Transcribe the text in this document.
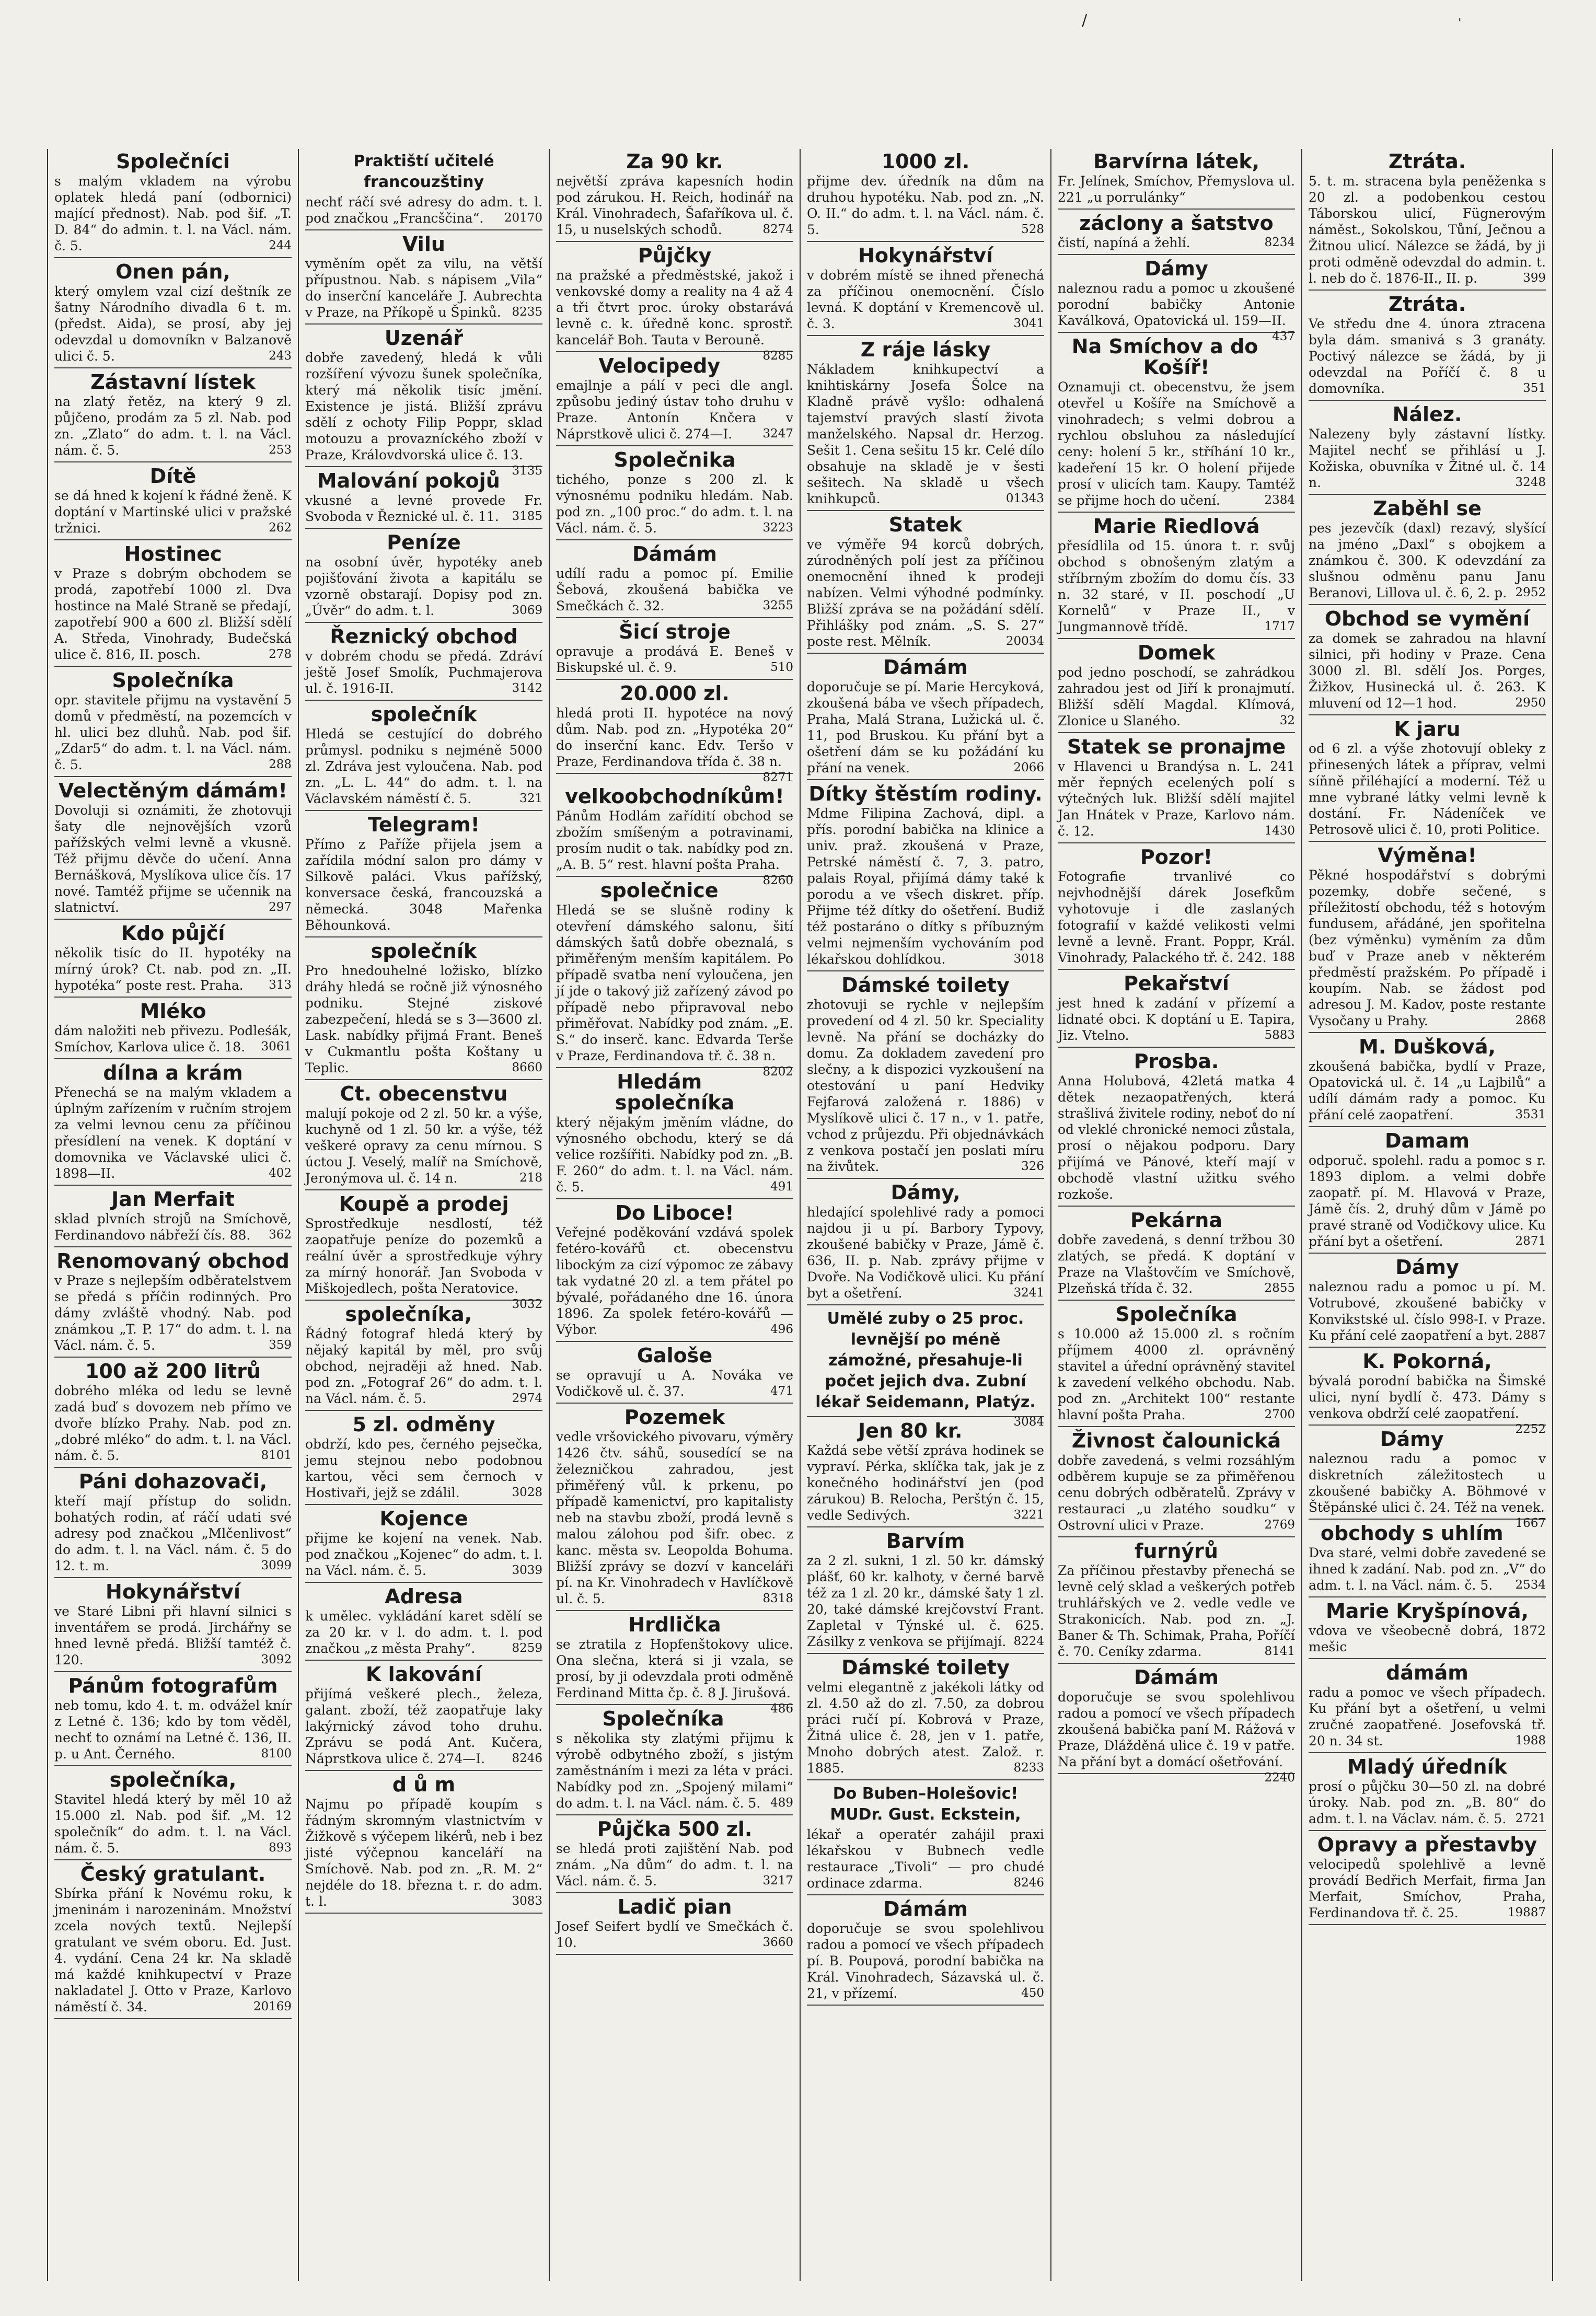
/	'
Společníci

s malým vkladem na výrobu oplatek hledá paní (odbornici) mající přednost). Nab. pod šif. „T. D. 84“ do admin. t. l. na Václ. nám. č. 5.	244

Onen pán,

který omylem vzal cizí deštník ze šatny Národního divadla 6 t. m. (předst. Aida), se prosí, aby jej odevzdal u domovníkn v Balzanově ulici č. 5.	243

Zástavní lístek

na zlatý řetěz, na který 9 zl. půjčeno, prodám za 5 zl. Nab. pod zn. „Zlato“ do adm. t. l. na Václ. nám. č. 5.	253

Dítě

se dá hned k kojení k řádné ženě. K doptání v Martinské ulici v pražské tržnici.	262

Hostinec

v Praze s dobrým obchodem se prodá, zapotřebí 1000 zl. Dva hostince na Malé Straně se předají, zapotřebí 900 a 600 zl. Bližší sdělí A. Středa, Vinohrady, Budečská ulice č. 816, II. posch.	278

Společníka

opr. stavitele přijmu na vystavění 5 domů v předměstí, na pozemcích v hl. ulici bez dluhů. Nab. pod šif. „Zdar5“ do adm. t. l. na Václ. nám. č. 5.	288

Velectěným dámám!

Dovoluji si oznámiti, že zhotovuji šaty dle nejnovějších vzorů pařížských velmi levně a vkusně. Též přijmu děvče do učení. Anna Bernášková, Myslíkova ulice čís. 17 nové. Tamtéž přijme se učennik na slatnictví.	297

Kdo půjčí

několik tisíc do II. hypotéky na mírný úrok? Ct. nab. pod zn. „II. hypotéka“ poste rest. Praha. 313

Mléko

dám naložiti neb přivezu. Podleśák, Smíchov, Karlova ulice č. 18. 3061

dílna a krám

Přenechá se na malým vkladem a úplným zařízením v ručním strojem za velmi levnou cenu za příčinou přesídlení na venek. K doptání v domovnika ve Václavské ulici č. 1898—II.	402

Jan Merfait

sklad plvních strojů na Smíchově, Ferdinandovo nábřeží čís. 88. 362

Renomovaný obchod

v Praze s nejlepším odběratelstvem se předá s příčin rodinných. Pro dámy zvláště vhodný. Nab. pod známkou „T. P. 17“ do adm. t. l. na Václ. nám. č. 5.	359

100 až 200 litrů

dobrého mléka od ledu se levně zadá buď s dovozem neb přímo ve dvoře blízko Prahy. Nab. pod zn. „dobré mléko“ do adm. t. l. na Václ. nám. č. 5.	8101

Páni dohazovači,

kteří mají přístup do solidn. bohatých rodin, ať ráčí udati své adresy pod značkou „Mlčenlivost“ do adm. t. l. na Václ. nám. č. 5 do 12. t. m.	3099

Hokynářství

ve Staré Libni při hlavní silnici s inventářem se prodá. Jirchářny se hned levně předá. Bližší tamtéž č. 120.	3092

Pánům fotografům

neb tomu, kdo 4. t. m. odvážel knír z Letné č. 136; kdo by tom věděl, nechť to oznámí na Letné č. 136, II. p. u Ant. Černého.	8100

společníka,

Stavitel hledá který by měl 10 až 15.000 zl. Nab. pod šif. „M. 12 společník“ do adm. t. l. na Václ. nám. č. 5.	893

Český gratulant.

Sbírka přání k Novému roku, k jmeninám i narozeninám. Množství zcela nových textů. Nejlepší gratulant ve svém oboru. Ed. Just. 4. vydání. Cena 24 kr. Na skladě má každé knihkupectví v Praze nakladatel J. Otto v Praze, Karlovo náměstí č. 34.	20169

Praktiští učitelé francouzštiny

nechť ráčí své adresy do adm. t. l. pod značkou „Francščina“. 20170

Vilu

vyměním opět za vilu, na větší přípustnou. Nab. s nápisem „Vila“ do inserční kanceláře J. Aubrechta v Praze, na Příkopě u Špinků. 8235

Uzenář

dobře zavedený, hledá k vůli rozšíření vývozu šunek společníka, který má několik tisíc jmění. Existence je jistá. Bližší zprávu sdělí z ochoty Filip Poppr, sklad motouzu a provazníckého zboží v Praze, Královdvorská ulice č. 13.
3135

Malování pokojů

vkusné a levné provede Fr. Svoboda v Řeznické ul. č. 11. 3185

Peníze

na osobní úvěr, hypotéky aneb pojišťování života a kapitálu se vzorně obstarají. Dopisy pod zn. „Úvěr“ do adm. t. l.	3069

Řeznický obchod

v dobrém chodu se předá. Zdráví ještě Josef Smolík, Puchmajerova ul. č. 1916-II.	3142

společník

Hledá se cestující do dobrého průmysl. podniku s nejméně 5000 zl. Zdráva jest vyloučena. Nab. pod zn. „L. L. 44“ do adm. t. l. na Václavském náměstí č. 5.	321

Telegram!

Přímo z Paříže přijela jsem a zařídila módní salon pro dámy v Silkově paláci. Vkus pařížský, konversace česká, francouzská a německá. 3048 Mařenka Běhounková.

společník

Pro hnedouhelné ložisko, blízko dráhy hledá se ročně již výnosného podniku. Stejné ziskové zabezpečení, hledá se s 3—3600 zl. Lask. nabídky přijmá Frant. Beneš v Cukmantlu pošta Koštany u Teplic.	8660

Ct. obecenstvu

malují pokoje od 2 zl. 50 kr. a výše, kuchyně od 1 zl. 50 kr. a výše, též veškeré opravy za cenu mírnou. S úctou J. Veselý, malíř na Smíchově, Jeronýmova ul. č. 14 n.	218

Koupě a prodej

Sprostředkuje nesdlostí, též zaopatřuje peníze do pozemků a reální úvěr a sprostředkuje výhry za mírný honorář. Jan Svoboda v Miškojedlech, pošta Neratovice.
3032

společníka,

Řádný fotograf hledá který by nějaký kapitál by měl, pro svůj obchod, nejraději až hned. Nab. pod zn. „Fotograf 26“ do adm. t. l. na Václ. nám. č. 5.	2974

5 zl. odměny

obdrží, kdo pes, černého pejsečka, jemu stejnou nebo podobnou kartou, věci sem černoch v Hostivaři, jejž se zdálil.	3028

Kojence

přijme ke kojení na venek. Nab. pod značkou „Kojenec“ do adm. t. l. na Václ. nám. č. 5.	3039

Adresa

k umělec. vykládání karet sdělí se za 20 kr. v l. do adm. t. l. pod značkou „z města Prahy“.	8259

K lakování

přijímá veškeré plech., železa, galant. zboží, též zaopatřuje laky lakýrnický závod toho druhu. Zprávu se podá Ant. Kučera, Náprstkova ulice č. 274—I. 8246

d ů m

Najmu po případě koupím s řádným skromným vlastnictvím v Žižkově s výčepem likérů, neb i bez jisté výčepnou kanceláří na Smíchově. Nab. pod zn. „R. M. 2“ nejdéle do 18. března t. r. do adm. t. l.	3083

Za 90 kr.

největší zpráva kapesních hodin pod zárukou. H. Reich, hodinář na Král. Vinohradech, Šafaříkova ul. č. 15, u nuselských schodů.	8274

Půjčky

na pražské a předměstské, jakož i venkovské domy a reality na 4 až 4 a tři čtvrt proc. úroky obstarává levně c. k. úředně konc. sprostř. kancelář Boh. Tauta v Berouně.
8285

Velocipedy

emajlnje a pálí v peci dle angl. způsobu jediný ústav toho druhu v Praze. Antonín Knčera v Náprstkově ulici č. 274—I.	3247

Společnika

tichého, ponze s 200 zl. k výnosnému podniku hledám. Nab. pod zn. „100 proc.“ do adm. t. l. na Václ. nám. č. 5.	3223

Dámám

udílí radu a pomoc pí. Emilie Šebová, zkoušená babička ve Smečkách č. 32.	3255

Šicí stroje

opravuje a prodává E. Beneš v Biskupské ul. č. 9.	510

20.000 zl.

hledá proti II. hypotéce na nový dům. Nab. pod zn. „Hypotéka 20“ do inserční kanc. Edv. Teršo v Praze, Ferdinandova třída č. 38 n.
8271

velkoobchodníkům!

Pánům Hodlám zařídití obchod se zbožím smíšeným a potravinami, prosím nudit o tak. nabídky pod zn. „A. B. 5“ rest. hlavní pošta Praha.
8260

společnice

Hledá se se slušně rodiny k otevření dámského salonu, šití dámských šatů dobře obeznalá, s přiměřeným menším kapitálem. Po případě svatba není vyloučena, jen jí jde o takový již zařízený závod po případě nebo připravoval nebo přiměřovat. Nabídky pod znám. „E. S.“ do inserč. kanc. Edvarda Terše v Praze, Ferdinandova tř. č. 38 n.
8202

Hledám společníka

který nějakým jměním vládne, do výnosného obchodu, který se dá velice rozšířiti. Nabídky pod zn. „B. F. 260“ do adm. t. l. na Václ. nám. č. 5.	491

Do Liboce!

Veřejné poděkování vzdává spolek fetéro-kovářů ct. obecenstvu libockým za cizí výpomoc ze zábavy tak vydatné 20 zl. a tem přátel po bývalé, pořádaného dne 16. února 1896. Za spolek fetéro-kovářů — Výbor.	496

Galoše

se opravují u A. Nováka ve Vodičkově ul. č. 37.	471

Pozemek

vedle vršovického pivovaru, výměry 1426 čtv. sáhů, sousedící se na železničkou zahradou, jest přiměřený vůl. k prkenu, po případě kamenictví, pro kapitalisty neb na stavbu zboží, prodá levně s malou zálohou pod šifr. obec. z kanc. města sv. Leopolda Bohuma. Bližší zprávy se dozví v kanceláři pí. na Kr. Vinohradech v Havlíčkově ul. č. 5.	8318

Hrdlička

se ztratila z Hopfenštokovy ulice. Ona slečna, která si ji vzala, se prosí, by ji odevzdala proti odměně Ferdinand Mitta čp. č. 8 J. Jirušová.
486

Společníka

s několika sty zlatými přijmu k výrobě odbytného zboží, s jistým zaměstnáním i mezi za léta v práci. Nabídky pod zn. „Spojený milami“ do adm. t. l. na Václ. nám. č. 5. 489

Půjčka 500 zl.

se hledá proti zajištění Nab. pod znám. „Na dům“ do adm. t. l. na Václ. nám. č. 5.	3217

Ladič pian

Josef Seifert bydlí ve Smečkách č. 10.	3660

1000 zl.

přijme dev. úředník na dům na druhou hypotéku. Nab. pod zn. „N. O. II.“ do adm. t. l. na Václ. nám. č. 5.	528

Hokynářství

v dobrém místě se ihned přenechá za příčinou onemocnění. Číslo levná. K doptání v Kremencově ul. č. 3.	3041

Z ráje lásky

Nákladem knihkupectví a knihtiskárny Josefa Šolce na Kladně právě vyšlo: odhalená tajemství pravých slastí života manželského. Napsal dr. Herzog. Sešit 1. Cena sešitu 15 kr. Celé dílo obsahuje na skladě je v šesti sešitech. Na skladě u všech knihkupců.	01343

Statek

ve výměře 94 korců dobrých, zúrodněných polí jest za příčinou onemocnění ihned k prodeji nabízen. Velmi výhodné podmínky. Bližší zpráva se na požádání sdělí. Přihlášky pod znám. „S. S. 27“ poste rest. Mělník.	20034

Dámám

doporučuje se pí. Marie Hercyková, zkoušená bába ve všech případech, Praha, Malá Strana, Lužická ul. č. 11, pod Bruskou. Ku přání byt a ošetření dám se ku požádání ku přání na venek.	2066

Dítky štěstím rodiny.

Mdme Filipina Zachová, dipl. a přís. porodní babička na klinice a univ. praž. zkoušená v Praze, Petrské náměstí č. 7, 3. patro, palais Royal, přijímá dámy také k porodu a ve všech diskret. příp. Přijme též dítky do ošetření. Budiž též postaráno o dítky s příbuzným velmi nejmenším vychováním pod lékařskou dohlídkou.	3018

Dámské toilety

zhotovuji se rychle v nejlepším provedení od 4 zl. 50 kr. Speciality levně. Na přání se docházky do domu. Za dokladem zavedení pro slečny, a k dispozici vyzkoušení na otestování u paní Hedviky Fejfarová založená r. 1886) v Myslíkově ulici č. 17 n., v 1. patře, vchod z průjezdu. Při objednávkách z venkova postačí jen poslati míru na živůtek.	326

Dámy,

hledající spolehlivé rady a pomoci najdou ji u pí. Barbory Typovy, zkoušené babičky v Praze, Jámě č. 636, II. p. Nab. zprávy přijme v Dvoře. Na Vodičkově ulici. Ku přání byt a ošetření.	3241

Umělé zuby o 25 proc. levnější po méně zámožné, přesahuje-li počet jejich dva. Zubní lékař Seidemann, Platýz.

3084

Jen 80 kr.

Každá sebe větší zpráva hodinek se vypraví. Pérka, sklíčka tak, jak je z konečného hodinářství jen (pod zárukou) B. Relocha, Perštýn č. 15, vedle Sedivých.	3221

Barvím

za 2 zl. sukni, 1 zl. 50 kr. dámský plášť, 60 kr. kalhoty, v černé barvě též za 1 zl. 20 kr., dámské šaty 1 zl. 20, také dámské krejčovství Frant. Zapletal v Týnské ul. č. 625. Zásilky z venkova se přijímají. 8224

Dámské toilety

velmi elegantně z jakékoli látky od zl. 4.50 až do zl. 7.50, za dobrou práci ručí pí. Kobrová v Praze, Žitná ulice č. 28, jen v 1. patře, Mnoho dobrých atest. Založ. r. 1885.	8233

Do Buben–Holešovic! MUDr. Gust. Eckstein,

lékař a operatér zahájil praxi lékařskou v Bubnech vedle restaurace „Tivoli“ — pro chudé ordinace zdarma.	8246

Dámám

doporučuje se svou spolehlivou radou a pomocí ve všech případech pí. B. Poupová, porodní babička na Král. Vinohradech, Sázavská ul. č. 21, v přízemí.	450

Barvírna látek,

Fr. Jelínek, Smíchov, Přemyslova ul. 221 „u porrulánky“

záclony a šatstvo

čistí, napíná a žehlí.	8234

Dámy

naleznou radu a pomoc u zkoušené porodní babičky Antonie Kaválková, Opatovická ul. 159—II.
437

Na Smíchov a do Košíř!

Oznamuji ct. obecenstvu, že jsem otevřel u Košíře na Smíchově a vinohradech; s velmi dobrou a rychlou obsluhou za následující ceny: holení 5 kr., stříhání 10 kr., kadeření 15 kr. O holení přijede prosí v ulicích tam. Kaupy. Tamtéž se přijme hoch do učení.	2384

Marie Riedlová

přesídlila od 15. února t. r. svůj obchod s obnošeným zlatým a stříbrným zbožím do domu čís. 33 n. 32 staré, v II. poschodí „U Kornelů“ v Praze II., v Jungmannově třídě.	1717

Domek

pod jedno poschodí, se zahrádkou zahradou jest od Jiří k pronajmutí. Bližší sdělí Magdal. Klímová, Zlonice u Slaného.	32

Statek se pronajme

v Hlavenci u Brandýsa n. L. 241 měr řepných ecelených polí s výtečných luk. Bližší sdělí majitel Jan Hnátek v Praze, Karlovo nám. č. 12.	1430

Pozor!

Fotografie trvanlivé co nejvhodnější dárek Josefkům vyhotovuje i dle zaslaných fotografií v každé velikosti velmi levně a levně. Frant. Poppr, Král. Vinohrady, Palackého tř. č. 242. 188

Pekařství

jest hned k zadání v přízemí a lidnaté obci. K doptání u E. Tapira, Jiz. Vtelno.	5883

Prosba.

Anna Holubová, 42letá matka 4 dětek nezaopatřených, která strašlivá živitele rodiny, neboť do ní od vleklé chronické nemoci zůstala, prosí o nějakou podporu. Dary přijímá ve Pánové, kteří mají v obchodě vlastní užitku svého rozkoše.

Pekárna

dobře zavedená, s denní tržbou 30 zlatých, se předá. K doptání v Praze na Vlaštovčím ve Smíchově, Plzeňská třída č. 32.	2855

Společníka

s 10.000 až 15.000 zl. s ročním příjmem 4000 zl. oprávněný stavitel a úřední oprávněný stavitel k zavedení velkého obchodu. Nab. pod zn. „Architekt 100“ restante hlavní pošta Praha.	2700

Živnost čalounická

dobře zavedená, s velmi rozsáhlým odběrem kupuje se za přiměřenou cenu dobrých odběratelů. Zprávy v restauraci „u zlatého soudku“ v Ostrovní ulici v Praze.	2769

furnýrů

Za příčinou přestavby přenechá se levně celý sklad a veškerých potřeb truhlářských ve 2. vedle vedle ve Strakonicích. Nab. pod zn. „J. Baner & Th. Schimak, Praha, Poříčí č. 70. Ceníky zdarma.	8141

Dámám

doporučuje se svou spolehlivou radou a pomocí ve všech případech zkoušená babička paní M. Rážová v Praze, Dlážděná ulice č. 19 v patře. Na přání byt a domácí ošetřování.
2240

Ztráta.

5. t. m. stracena byla peněženka s 20 zl. a podobenkou cestou Táborskou ulicí, Fügnerovým náměst., Sokolskou, Tůní, Ječnou a Žitnou ulicí. Nálezce se žádá, by ji proti odměně odevzdal do admin. t. l. neb do č. 1876-II., II. p.	399

Ztráta.

Ve středu dne 4. února ztracena byla dám. smanivá s 3 granáty. Poctivý nálezce se žádá, by ji odevzdal na Poříčí č. 8 u domovníka.	351

Nález.

Nalezeny byly zástavní lístky. Majitel nechť se přihlásí u J. Kožiska, obuvníka v Žitné ul. č. 14 n.	3248

Zaběhl se

pes jezevčík (daxl) rezavý, slyšící na jméno „Daxl“ s obojkem a známkou č. 300. K odevzdání za slušnou odměnu panu Janu Beranovi, Lillova ul. č. 6, 2. p. 2952

Obchod se vymění

za domek se zahradou na hlavní silnici, při hodiny v Praze. Cena 3000 zl. Bl. sdělí Jos. Porges, Žižkov, Husinecká ul. č. 263. K mluvení od 12—1 hod.	2950

K jaru

od 6 zl. a výše zhotovují obleky z přinesených látek a příprav, velmi síňně přiléhající a moderní. Též u mne vybrané látky velmi levně k dostání. Fr. Nádeníček ve Petrosově ulici č. 10, proti Politice.

Výměna!

Pěkné hospodářství s dobrými pozemky, dobře sečené, s příležitostí obchodu, též s hotovým fundusem, ařádáné, jen spořitelna (bez výměnku) vyměním za dům buď v Praze aneb v některém předměstí pražském. Po případě i koupím. Nab. se žádost pod adresou J. M. Kadov, poste restante Vysočany u Prahy.	2868

M. Dušková,

zkoušená babička, bydlí v Praze, Opatovická ul. č. 14 „u Lajbilů“ a udílí dámám rady a pomoc. Ku přání celé zaopatření.	3531

Damam

odporuč. spolehl. radu a pomoc s r. 1893 diplom. a velmi dobře zaopatř. pí. M. Hlavová v Praze, Jámě čís. 2, druhý dům v Jámě po pravé straně od Vodičkovy ulice. Ku přání byt a ošetření.	2871

Dámy

naleznou radu a pomoc u pí. M. Votrubové, zkoušené babičky v Konvikstské ul. číslo 998-I. v Praze. Ku přání celé zaopatření a byt. 2887

K. Pokorná,

bývalá porodní babička na Šimské ulici, nyní bydlí č. 473. Dámy s venkova obdrží celé zaopatření.
2252

Dámy

naleznou radu a pomoc v diskretních záležitostech u zkoušené babičky A. Böhmové v Štěpánské ulici č. 24. Též na venek.
1667

obchody s uhlím

Dva staré, velmi dobře zavedené se ihned k zadání. Nab. pod zn. „V“ do adm. t. l. na Václ. nám. č. 5. 2534

Marie Kryšpínová,

vdova ve všeobecně dobrá, 1872 mešic

dámám

radu a pomoc ve všech případech. Ku přání byt a ošetření, u velmi zručné zaopatřené. Josefovská tř. 20 n. 34 st.	1988

Mladý úředník

prosí o půjčku 30—50 zl. na dobré úroky. Nab. pod zn. „B. 80“ do adm. t. l. na Václav. nám. č. 5. 2721

Opravy a přestavby

velocipedů spolehlivě a levně provádí Bedřich Merfait, firma Jan Merfait, Smíchov, Praha, Ferdinandova tř. č. 25.	19887
